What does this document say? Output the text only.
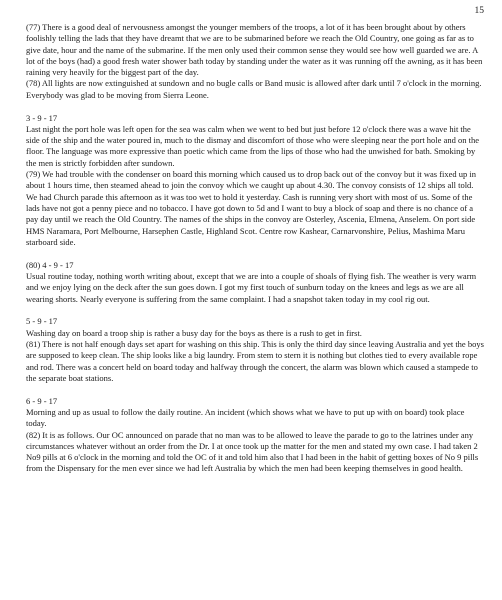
15

(77) There is a good deal of nervousness amongst the younger members of the troops, a lot of it has been brought about by others foolishly telling the lads that they have dreamt that we are to be submarined before we reach the Old Country, one going as far as to give date, hour and the name of the submarine. If the men only used their common sense they would see how well guarded we are. A lot of the boys (had) a good fresh water shower bath today by standing under the water as it was running off the awning, as it has been raining very heavily for the biggest part of the day.

(78) All lights are now extinguished at sundown and no bugle calls or Band music is allowed after dark until 7 o'clock in the morning. Everybody was glad to be moving from Sierra Leone.

3 - 9 - 17

Last night the port hole was left open for the sea was calm when we went to bed but just before 12 o'clock there was a wave hit the side of the ship and the water poured in, much to the dismay and discomfort of those who were sleeping near the port hole and on the floor. The language was more expressive than poetic which came from the lips of those who had the unwished for bath. Smoking by the men is strictly forbidden after sundown.

(79) We had trouble with the condenser on board this morning which caused us to drop back out of the convoy but it was fixed up in about 1 hours time, then steamed ahead to join the convoy which we caught up about 4.30. The convoy consists of 12 ships all told. We had Church parade this afternoon as it was too wet to hold it yesterday. Cash is running very short with most of us. Some of the lads have not got a penny piece and no tobacco. I have got down to 5d and I want to buy a block of soap and there is no chance of a pay day until we reach the Old Country. The names of the ships in the convoy are Osterley, Ascenia, Elmena, Anselem. On port side HMS Naramara, Port Melbourne, Harsephen Castle, Highland Scot. Centre row Kashear, Carnarvonshire, Pelius, Mashima Maru starboard side.

(80) 4 - 9 - 17

Usual routine today, nothing worth writing about, except that we are into a couple of shoals of flying fish. The weather is very warm and we enjoy lying on the deck after the sun goes down. I got my first touch of sunburn today on the knees and legs as we are all wearing shorts. Nearly everyone is suffering from the same complaint. I had a snapshot taken today in my cool rig out.

5 - 9 - 17

Washing day on board a troop ship is rather a busy day for the boys as there is a rush to get in first.

(81) There is not half enough days set apart for washing on this ship. This is only the third day since leaving Australia and yet the boys are supposed to keep clean. The ship looks like a big laundry. From stem to stern it is nothing but clothes tied to every available rope and rod. There was a concert held on board today and halfway through the concert, the alarm was blown which caused a stampede to the separate boat stations.

6 - 9 - 17

Morning and up as usual to follow the daily routine. An incident (which shows what we have to put up with on board) took place today.

(82) It is as follows. Our OC announced on parade that no man was to be allowed to leave the parade to go to the latrines under any circumstances whatever without an order from the Dr. I at once took up the matter for the men and stated my own case. I had taken 2 No9 pills at 6 o'clock in the morning and told the OC of it and told him also that I had been in the habit of getting boxes of No 9 pills from the Dispensary for the men ever since we had left Australia by which the men had been keeping themselves in good health.
